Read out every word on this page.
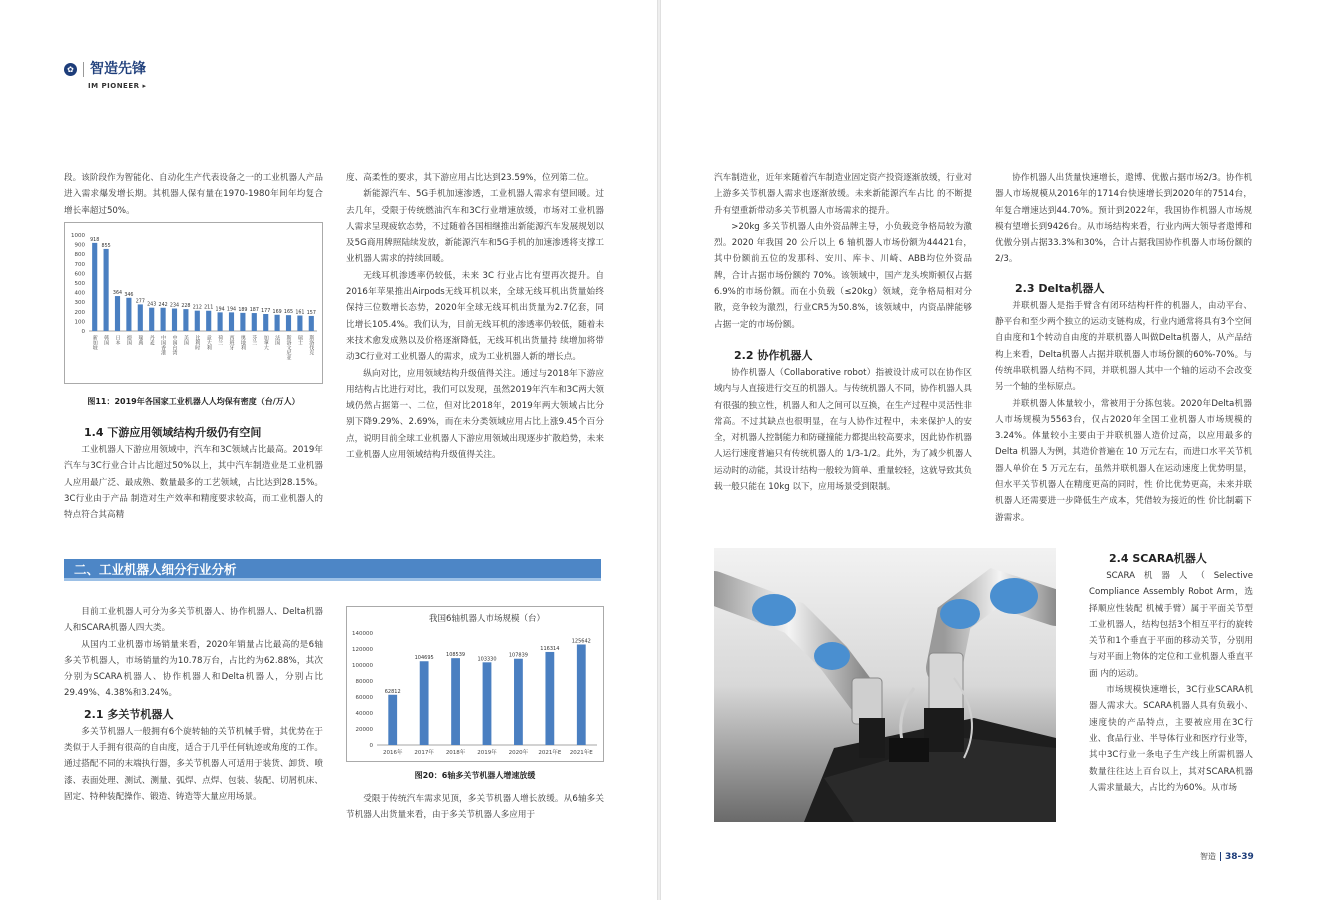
✿	智造先锋
IM PIONEER ▸

段。该阶段作为智能化、自动化生产代表设备之一的工业机器人产品进入需求爆发增长期。其机器人保有量在1970-1980年间年均复合增长率超过50%。

0
100
200
300
400
500
600
700
800
900
1000
918
新加坡
855
韩国
364
日本
346
德国
277
瑞典
243
丹麦
242
中国香港
234
中国台湾
228
美国
212
比利时
211
意大利
194
荷兰
194
西班牙
189
奥地利
187
芬兰
177
加拿大
169
法国
165
斯洛文尼亚
161
瑞士
157
斯洛伐克
图11：2019年各国家工业机器人人均保有密度（台/万人）
1.4 下游应用领域结构升级仍有空间

工业机器人下游应用领域中，汽车和3C领域占比最高。2019年汽车与3C行业合计占比超过50%以上，其中汽车制造业是工业机器人应用最广泛、最成熟、数量最多的工艺领域，占比达到28.15%。3C行业由于产品 制造对生产效率和精度要求较高，而工业机器人的特点符合其高精

度、高柔性的要求，其下游应用占比达到23.59%，位列第二位。

新能源汽车、5G手机加速渗透，工业机器人需求有望回暖。过去几年，受限于传统燃油汽车和3C行业增速放缓，市场对工业机器人需求呈现疲软态势，不过随着各国相继推出新能源汽车发展规划以及5G商用牌照陆续发放，新能源汽车和5G手机的加速渗透将支撑工业机器人需求的持续回暖。

无线耳机渗透率仍较低，未来 3C 行业占比有望再次提升。自2016年苹果推出Airpods无线耳机以来，全球无线耳机出货量始终保持三位数增长态势，2020年全球无线耳机出货量为2.7亿套，同比增长105.4%。我们认为，目前无线耳机的渗透率仍较低，随着未来技术愈发成熟以及价格逐渐降低，无线耳机出货量持 续增加将带动3C行业对工业机器人的需求，成为工业机器人新的增长点。

纵向对比，应用领域结构升级值得关注。通过与2018年下游应用结构占比进行对比，我们可以发现，虽然2019年汽车和3C两大领域仍然占据第一、二位，但对比2018年，2019年两大领域占比分别下降9.29%、2.69%，而在未分类领域应用占比上涨9.45个百分点，说明目前全球工业机器人下游应用领域出现逐步扩散趋势，未来工业机器人应用领域结构升级值得关注。

二、工业机器人细分行业分析

目前工业机器人可分为多关节机器人、协作机器人、Delta机器人和SCARA机器人四大类。

从国内工业机器市场销量来看，2020年销量占比最高的是6轴多关节机器人，市场销量约为10.78万台，占比约为62.88%，其次分别为SCARA机器人、协作机器人和Delta机器人，分别占比29.49%、4.38%和3.24%。

2.1 多关节机器人

多关节机器人一般拥有6个旋转轴的关节机械手臂，其优势在于类似于人手拥有很高的自由度，适合于几乎任何轨迹或角度的工作。通过搭配不同的末端执行器，多关节机器人可适用于装货、卸货、喷漆、表面处理、测试、测量、弧焊、点焊、包装、装配、切屑机床、固定、特种装配操作、锻造、铸造等大量应用场景。

我国6轴机器人市场规模（台）
0
20000
40000
60000
80000
100000
120000
140000
62812
2016年
104695
2017年
108539
2018年
103330
2019年
107839
2020年
116314
2021年E
125642
2021年E
图20：6轴多关节机器人增速放缓

受限于传统汽车需求见顶，多关节机器人增长放缓。从6轴多关节机器人出货量来看，由于多关节机器人多应用于

汽车制造业，近年来随着汽车制造业固定资产投资逐渐放缓，行业对上游多关节机器人需求也逐渐放缓。未来新能源汽车占比 的不断提升有望重新带动多关节机器人市场需求的提升。

>20kg 多关节机器人由外资品牌主导，小负载竞争格局较为激烈。2020 年我国 20 公斤以上 6 轴机器人市场份额为44421台，其中份额前五位的发那科、安川、库卡、川崎、ABB均位外资品牌，合计占据市场份额约 70%。该领域中，国产龙头埃斯顿仅占据 6.9%的市场份额。而在小负载（≤20kg）领域，竞争格局相对分散，竞争较为激烈，行业CR5为50.8%，该领域中，内资品牌能够占据一定的市场份额。

2.2 协作机器人

协作机器人（Collaborative robot）指被设计成可以在协作区域内与人直接进行交互的机器人。与传统机器人不同，协作机器人具有很强的独立性，机器人和人之间可以互换，在生产过程中灵活性非常高。不过其缺点也很明显，在与人协作过程中，未来保护人的安全，对机器人控制能力和防碰撞能力都提出较高要求，因此协作机器人运行速度普遍只有传统机器人的 1/3-1/2。此外，为了减少机器人运动时的动能，其设计结构一般较为简单、重量较轻，这就导致其负载一般只能在 10kg 以下，应用场景受到限制。

协作机器人出货量快速增长，遨博、优傲占据市场2/3。协作机器人市场规模从2016年的1714台快速增长到2020年的7514台，年复合增速达到44.70%。预计到2022年，我国协作机器人市场规模有望增长到9426台。从市场结构来看，行业内两大领导者遨博和优傲分别占据33.3%和30%，合计占据我国协作机器人市场份额的2/3。

2.3 Delta机器人

并联机器人是指手臂含有闭环结构杆件的机器人，由动平台、静平台和至少两个独立的运动支链构成，行业内通常将具有3个空间自由度和1个转动自由度的并联机器人叫做Delta机器人，从产品结构上来看，Delta机器人占据并联机器人市场份额的60%-70%。与传统串联机器人结构不同，并联机器人其中一个轴的运动不会改变另一个轴的坐标原点。

并联机器人体量较小，常被用于分拣包装。2020年Delta机器人市场规模为5563台，仅占2020年全国工业机器人市场规模的3.24%。体量较小主要由于并联机器人造价过高，以应用最多的 Delta 机器人为例，其造价普遍在 10 万元左右，而进口水平关节机器人单价在 5 万元左右，虽然并联机器人在运动速度上优势明显，但水平关节机器人在精度更高的同时，性 价比优势更高，未来并联机器人还需要进一步降低生产成本，凭借较为接近的性 价比制霸下游需求。

2.4 SCARA机器人

SCARA机器人（Selective Compliance Assembly Robot Arm，选择顺应性装配 机械手臂）属于平面关节型工业机器人，结构包括3个相互平行的旋转关节和1个垂直于平面的移动关节，分别用与对平面上物体的定位和工业机器人垂直平面 内的运动。

市场规模快速增长，3C行业SCARA机器人需求大。SCARA机器人具有负载小、速度快的产品特点，主要被应用在3C行业、食品行业、半导体行业和医疗行业等，其中3C行业一条电子生产线上所需机器人数量往往达上百台以上，其对SCARA机器人需求量最大，占比约为60%。从市场

智造 38-39
